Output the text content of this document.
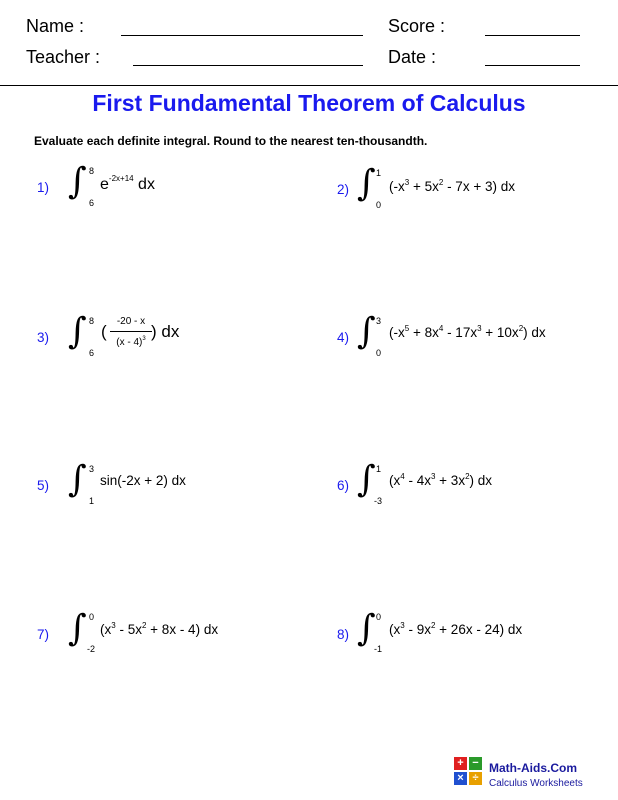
Name :	Score :
Teacher :	Date :
First Fundamental Theorem of Calculus
Evaluate each definite integral. Round to the nearest ten-thousandth.
1) ∫ 8
6
$e^{-2x+14}$ dx	2) ∫ 1
0
$(-x^3 + 5x^2 - 7x + 3)$ dx
3) ∫ 8
6
(
-20 - x
(x - 4)$^3$ ) dx	4) ∫ 3
0
$(-x^5 + 8x^4 - 17x^3 + 10x^2)$ dx
5) ∫ 3
1
sin(-2x + 2) dx	6) ∫ 1
-3
$(x^4 - 4x^3 + 3x^2)$ dx
7) ∫ 0
-2
$(x^3 - 5x^2 + 8x - 4)$ dx	8) ∫ 0
-1
$(x^3 - 9x^2 + 26x - 24)$ dx
+ −
× ÷
Math-Aids.Com
Calculus Worksheets
